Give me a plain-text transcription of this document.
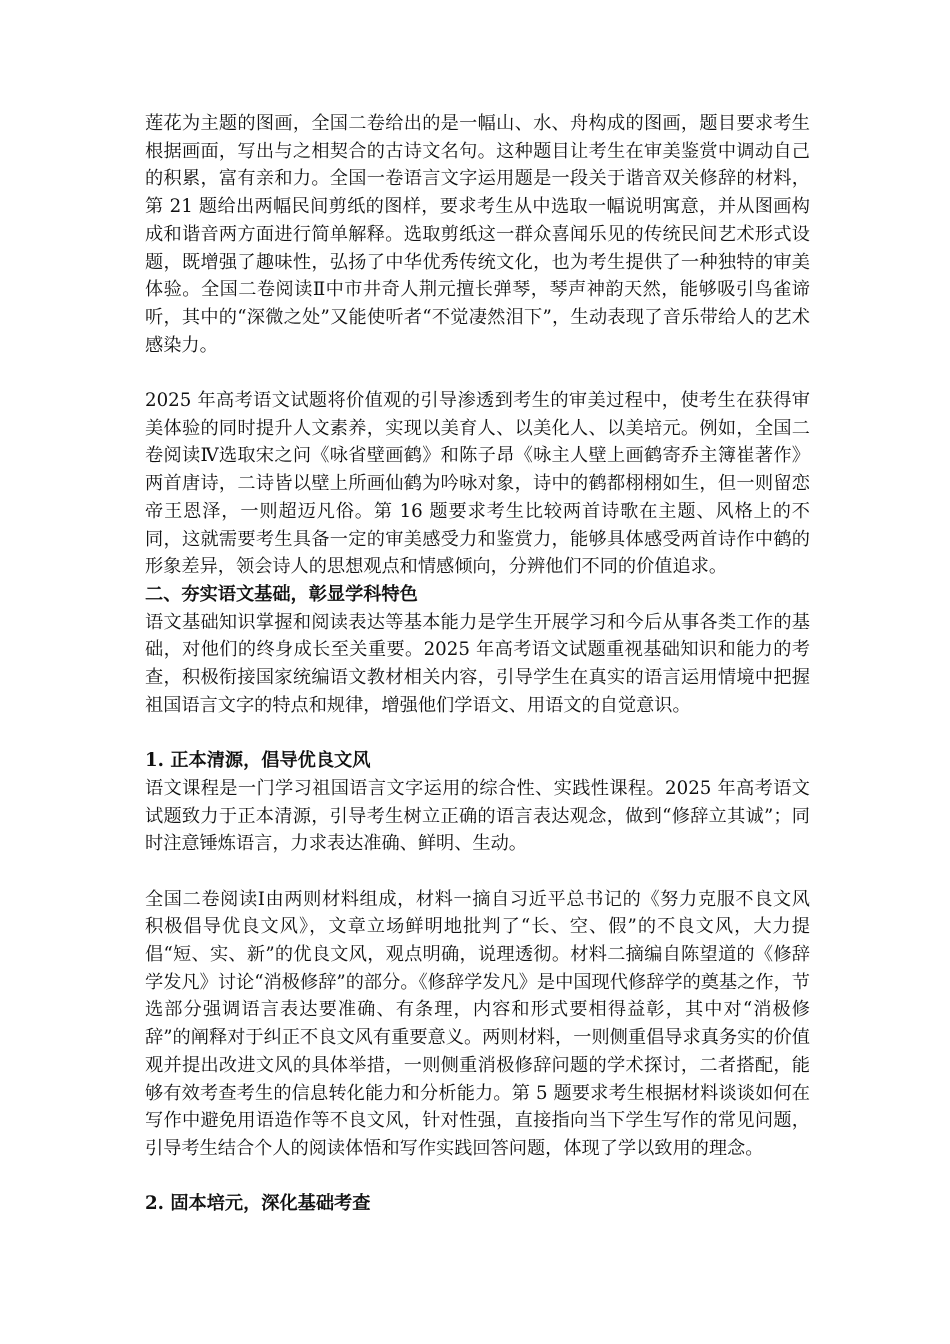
莲花为主题的图画，全国二卷给出的是一幅山、水、舟构成的图画，题目要求考生根据画面，写出与之相契合的古诗文名句。这种题目让考生在审美鉴赏中调动自己的积累，富有亲和力。全国一卷语言文字运用题是一段关于谐音双关修辞的材料，第 21 题给出两幅民间剪纸的图样，要求考生从中选取一幅说明寓意，并从图画构成和谐音两方面进行简单解释。选取剪纸这一群众喜闻乐见的传统民间艺术形式设题，既增强了趣味性，弘扬了中华优秀传统文化，也为考生提供了一种独特的审美体验。全国二卷阅读Ⅱ中市井奇人荆元擅长弹琴，琴声神韵天然，能够吸引鸟雀谛听，其中的“深微之处”又能使听者“不觉凄然泪下”，生动表现了音乐带给人的艺术感染力。

2025 年高考语文试题将价值观的引导渗透到考生的审美过程中，使考生在获得审美体验的同时提升人文素养，实现以美育人、以美化人、以美培元。例如，全国二卷阅读Ⅳ选取宋之问《咏省壁画鹤》和陈子昂《咏主人壁上画鹤寄乔主簿崔著作》两首唐诗，二诗皆以壁上所画仙鹤为吟咏对象，诗中的鹤都栩栩如生，但一则留恋帝王恩泽，一则超迈凡俗。第 16 题要求考生比较两首诗歌在主题、风格上的不同，这就需要考生具备一定的审美感受力和鉴赏力，能够具体感受两首诗作中鹤的形象差异，领会诗人的思想观点和情感倾向，分辨他们不同的价值追求。

二、夯实语文基础，彰显学科特色

语文基础知识掌握和阅读表达等基本能力是学生开展学习和今后从事各类工作的基础，对他们的终身成长至关重要。2025 年高考语文试题重视基础知识和能力的考查，积极衔接国家统编语文教材相关内容，引导学生在真实的语言运用情境中把握祖国语言文字的特点和规律，增强他们学语文、用语文的自觉意识。

1. 正本清源，倡导优良文风

语文课程是一门学习祖国语言文字运用的综合性、实践性课程。2025 年高考语文试题致力于正本清源，引导考生树立正确的语言表达观念，做到“修辞立其诚”；同时注意锤炼语言，力求表达准确、鲜明、生动。

全国二卷阅读Ⅰ由两则材料组成，材料一摘自习近平总书记的《努力克服不良文风 积极倡导优良文风》，文章立场鲜明地批判了“长、空、假”的不良文风，大力提倡“短、实、新”的优良文风，观点明确，说理透彻。材料二摘编自陈望道的《修辞学发凡》讨论“消极修辞”的部分。《修辞学发凡》是中国现代修辞学的奠基之作，节选部分强调语言表达要准确、有条理，内容和形式要相得益彰，其中对“消极修辞”的阐释对于纠正不良文风有重要意义。两则材料，一则侧重倡导求真务实的价值观并提出改进文风的具体举措，一则侧重消极修辞问题的学术探讨，二者搭配，能够有效考查考生的信息转化能力和分析能力。第 5 题要求考生根据材料谈谈如何在写作中避免用语造作等不良文风，针对性强，直接指向当下学生写作的常见问题，引导考生结合个人的阅读体悟和写作实践回答问题，体现了学以致用的理念。

2. 固本培元，深化基础考查
